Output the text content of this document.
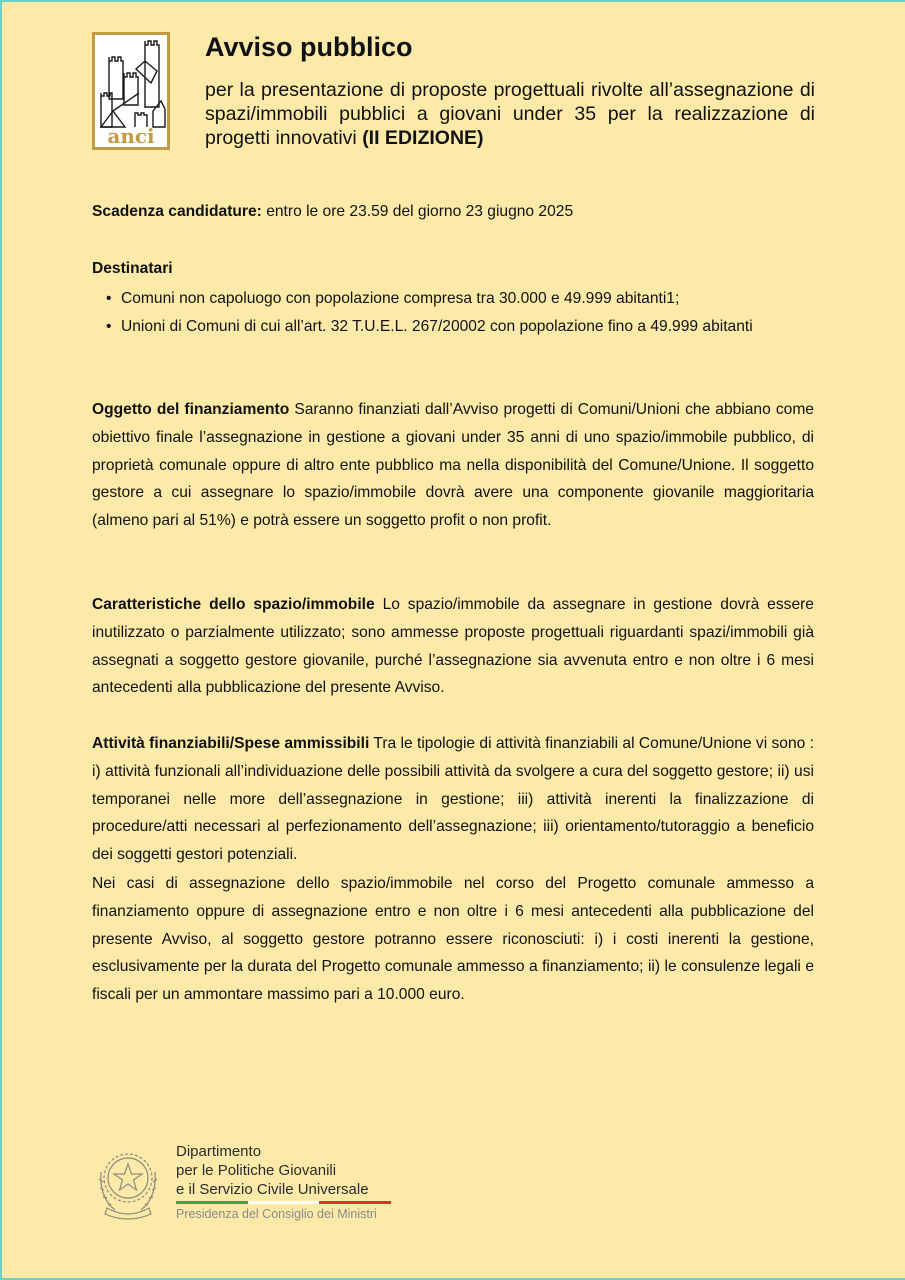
anci
Avviso pubblico

per la presentazione di proposte progettuali rivolte all’assegnazione di spazi/immobili pubblici a giovani under 35 per la realizzazione di progetti innovativi (II EDIZIONE)

Scadenza candidature: entro le ore 23.59 del giorno 23 giugno 2025
Destinatari
• Comuni non capoluogo con popolazione compresa tra 30.000 e 49.999 abitanti1;
• Unioni di Comuni di cui all’art. 32 T.U.E.L. 267/20002 con popolazione fino a 49.999 abitanti

Oggetto del finanziamento Saranno finanziati dall’Avviso progetti di Comuni/Unioni che abbiano come obiettivo finale l’assegnazione in gestione a giovani under 35 anni di uno spazio/immobile pubblico, di proprietà comunale oppure di altro ente pubblico ma nella disponibilità del Comune/Unione. Il soggetto gestore a cui assegnare lo spazio/immobile dovrà avere una componente giovanile maggioritaria (almeno pari al 51%) e potrà essere un soggetto profit o non profit.

Caratteristiche dello spazio/immobile Lo spazio/immobile da assegnare in gestione dovrà essere inutilizzato o parzialmente utilizzato; sono ammesse proposte progettuali riguardanti spazi/immobili già assegnati a soggetto gestore giovanile, purché l’assegnazione sia avvenuta entro e non oltre i 6 mesi antecedenti alla pubblicazione del presente Avviso.

Attività finanziabili/Spese ammissibili Tra le tipologie di attività finanziabili al Comune/Unione vi sono : i) attività funzionali all’individuazione delle possibili attività da svolgere a cura del soggetto gestore; ii) usi temporanei nelle more dell’assegnazione in gestione; iii) attività inerenti la finalizzazione di procedure/atti necessari al perfezionamento dell’assegnazione; iii) orientamento/tutoraggio a beneficio dei soggetti gestori potenziali.

Nei casi di assegnazione dello spazio/immobile nel corso del Progetto comunale ammesso a finanziamento oppure di assegnazione entro e non oltre i 6 mesi antecedenti alla pubblicazione del presente Avviso, al soggetto gestore potranno essere riconosciuti: i) i costi inerenti la gestione, esclusivamente per la durata del Progetto comunale ammesso a finanziamento; ii) le consulenze legali e fiscali per un ammontare massimo pari a 10.000 euro.

Dipartimento
per le Politiche Giovanili
e il Servizio Civile Universale
Presidenza del Consiglio dei Ministri
